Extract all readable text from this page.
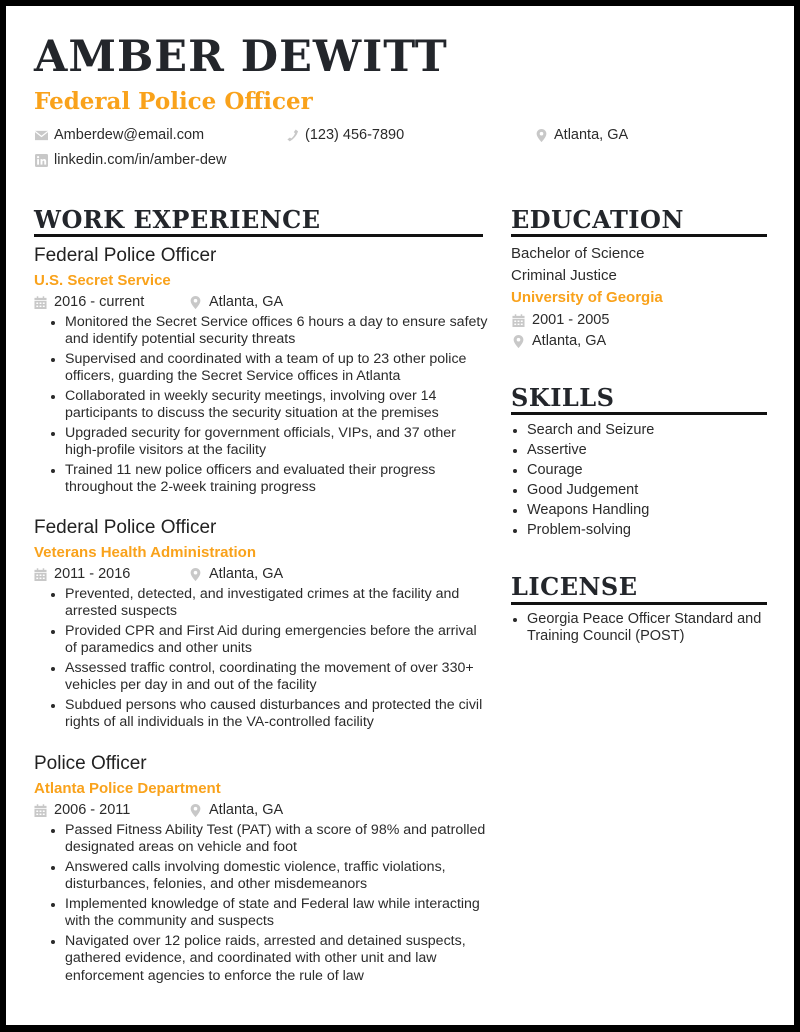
AMBER DEWITT
Federal Police Officer
Amberdew@email.com	(123) 456-7890	Atlanta, GA
linkedin.com/in/amber-dew
WORK EXPERIENCE
Federal Police Officer
U.S. Secret Service
2016 - current	Atlanta, GA
• Monitored the Secret Service offices 6 hours a day to ensure safety and identify potential security threats
• Supervised and coordinated with a team of up to 23 other police officers, guarding the Secret Service offices in Atlanta
• Collaborated in weekly security meetings, involving over 14 participants to discuss the security situation at the premises
• Upgraded security for government officials, VIPs, and 37 other high-profile visitors at the facility
• Trained 11 new police officers and evaluated their progress throughout the 2-week training progress
Federal Police Officer
Veterans Health Administration
2011 - 2016	Atlanta, GA
• Prevented, detected, and investigated crimes at the facility and arrested suspects
• Provided CPR and First Aid during emergencies before the arrival of paramedics and other units
• Assessed traffic control, coordinating the movement of over 330+ vehicles per day in and out of the facility
• Subdued persons who caused disturbances and protected the civil rights of all individuals in the VA-controlled facility
Police Officer
Atlanta Police Department
2006 - 2011	Atlanta, GA
• Passed Fitness Ability Test (PAT) with a score of 98% and patrolled designated areas on vehicle and foot
• Answered calls involving domestic violence, traffic violations, disturbances, felonies, and other misdemeanors
• Implemented knowledge of state and Federal law while interacting with the community and suspects
• Navigated over 12 police raids, arrested and detained suspects, gathered evidence, and coordinated with other unit and law enforcement agencies to enforce the rule of law
EDUCATION
Bachelor of Science
Criminal Justice
University of Georgia
2001 - 2005
Atlanta, GA
SKILLS
• Search and Seizure
• Assertive
• Courage
• Good Judgement
• Weapons Handling
• Problem-solving
LICENSE
• Georgia Peace Officer Standard and Training Council (POST)
